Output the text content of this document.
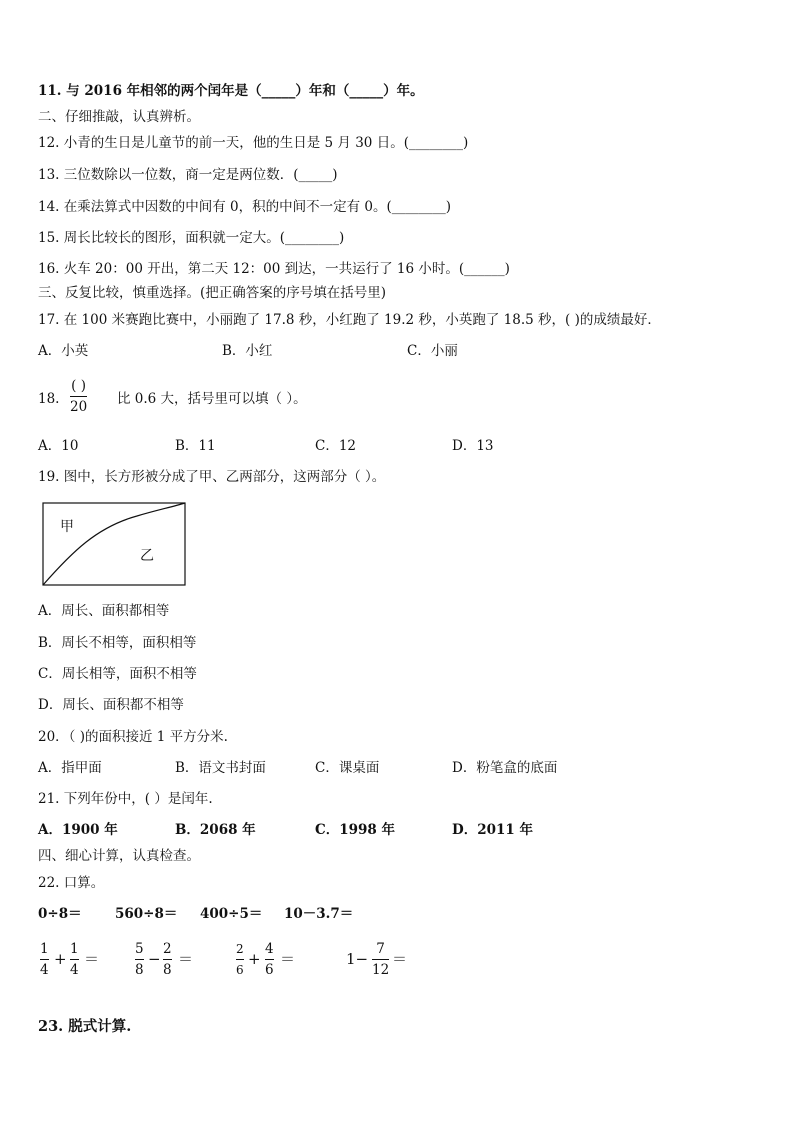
11. 与 2016 年相邻的两个闰年是（_____）年和（_____）年。
二、仔细推敲，认真辨析。
12. 小青的生日是儿童节的前一天，他的生日是 5 月 30 日。(________)
13. 三位数除以一位数，商一定是两位数．(_____)
14. 在乘法算式中因数的中间有 0，积的中间不一定有 0。(________)
15. 周长比较长的图形，面积就一定大。(________)
16. 火车 20：00 开出，第二天 12：00 到达，一共运行了 16 小时。(______)
三、反复比较，慎重选择。(把正确答案的序号填在括号里)
17. 在 100 米赛跑比赛中，小丽跑了 17.8 秒，小红跑了 19.2 秒，小英跑了 18.5 秒，( )的成绩最好．
A．小英	B．小红	C．小丽
18.
( )
20 比 0.6 大，括号里可以填（ ）。
A．10	B．11	C．12	D．13
19. 图中，长方形被分成了甲、乙两部分，这两部分（ ）。
甲
乙
A．周长、面积都相等
B．周长不相等，面积相等
C．周长相等，面积不相等
D．周长、面积都不相等
20．（ )的面积接近 1 平方分米.
A．指甲面	B．语文书封面	C．课桌面	D．粉笔盒的底面
21. 下列年份中，( ）是闰年.
A．1900 年	B．2068 年	C．1998 年	D．2011 年
四、细心计算，认真检查。
22. 口算。
0÷8＝ 560÷8＝ 400÷5＝ 10－3.7＝
1
4
+
1
4
＝
5
8
−
2
8
＝
2
6
+
4
6
＝	1−
7
12
＝
23. 脱式计算.
